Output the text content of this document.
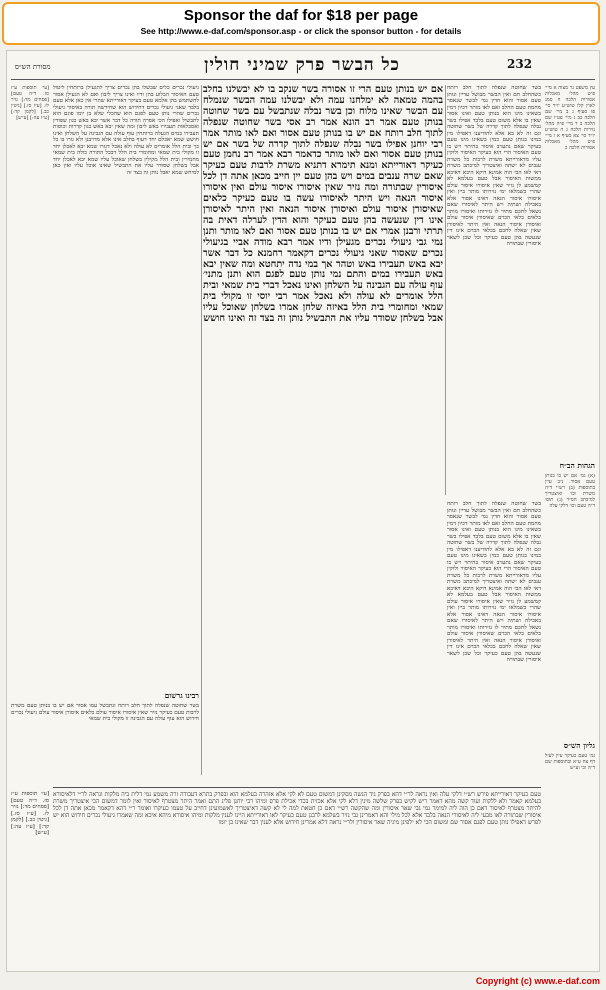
Sponsor the daf for $18 per page
See http://www.e-daf.com/sponsor.asp - or click the sponsor button - for details
מסורת הש״ס	כל הבשר פרק שמיני חולין	232

עין משפט נר מצוה א מיי׳ פ״ט מהל׳ מאכלות אסורות הלכה ח סמג לאוין קלז טוש״ע יו״ד סי׳ פז סעיף ג ב מיי׳ שם הלכה כב ג מיי׳ פט״ו שם הלכה ב ד מיי׳ פ״ה מהל׳ נזירות הלכה ג ה טוש״ע יו״ד סי׳ צא סעיף א ו מיי׳ פ״ט מהל׳ מאכלות אסורות הלכה כ

[עי׳ תוספות ע״ז סז. ד״ה טעם] [פסחים מד:] נזיר לז. [ע״ז סז.] [גיטין כב.] [לקמן קד:] [ע״ז עה:] [ע״ש]

בשר שחוטה שנפלה לתוך חלב רותח כשהחלב חם ואין הבשר מבושל עדיין ונותן טעם אסור והוא הדין נמי לבשר שנאסר מחמת טעם החלב ואם לאו מותר דכיון דמין בשאינו מינו הוא בנותן טעם ואינו אסור שאין בו אלא משום טעם בלבד אפילו בשר נבלה שנפלה לתוך קדרה של בשר שחוטה וגם זה לא בא אלא להודיענו דאפילו מין במינו בנותן טעם כמין בשאינו מינו טעם כעיקר שאם נתערב איסור בהיתר ויש בו טעם האיסור הרי הוא כעיקר האיסור ולוקין עליו מדאורייתא משרת לרבות כל משרת ענבים לא ישתה ואיצטריך למיכתב משרת דאי לאו הכי הוה אמינא דוקא היכא דאיכא ממשות האיסור אבל טעם בעלמא לא קמשמע לן נזיר שאין איסורו איסור עולם שהרי כשמלאו ימי נזירותו מותר ביין ואין איסורו איסור הנאה דאינו אסור אלא באכילה ושתיה ויש היתר לאיסורו שאם נשאל לחכם מתיר לו נזירותו ואיסורו מותר כלאים כלאי הכרם שאיסורן איסור עולם ואיסורן איסור הנאה ואין היתר לאיסורן שאין שאלה לחכם בכלאי הכרם אינו דין שנעשה בהן טעם כעיקר וכל שכן לשאר איסורין שבתורה

אם יש בנותן טעם הרי זו אסורה בשר שנקב בו לא יבשלנו בחלב בהמה טמאה לא ימלחנו עמה ולא יבשלנו עמה הבשר שנמלח עם הבשר שאינו מלוח וכן בשר נבלה שנתבשל עם בשר שחוטה בנותן טעם אמר רב הונא אמר רב אסי בשר שחוטה שנפלה לתוך חלב רותח אם יש בו בנותן טעם אסור ואם לאו מותר אמר רבי יוחנן אפילו בשר נבלה שנפלה לתוך קדרה של בשר אם יש בנותן טעם אסור ואם לאו מותר כדאמר רבא אמר רב נחמן טעם כעיקר דאורייתא ומנא תימרא דתניא משרת לרבות טעם כעיקר שאם שרה ענבים במים ויש בהן טעם יין חייב מכאן אתה דן לכל איסורין שבתורה ומה נזיר שאין איסורו איסור עולם ואין איסורו איסור הנאה ויש היתר לאיסורו עשה בו טעם כעיקר כלאים שאיסורן איסור עולם ואיסורן איסור הנאה ואין היתר לאיסורן אינו דין שנעשה בהן טעם כעיקר והוא הדין לערלה דאית בה תרתי ורבנן אמרי אם יש בו בנותן טעם אסור ואם לאו מותר ותנן נמי גבי גיעולי נכרים מגעילן ודיו אמר רבא מודה אביי בגיעולי נכרים שאסור שאני גיעולי נכרים דקאמר רחמנא כל דבר אשר יבא באש תעבירו באש וטהר אך במי נדה יתחטא ומה שאין יבא באש תעבירו במים והתם נמי נותן טעם לפגם הוא ותנן מתני׳ עוף עולה עם הגבינה על השלחן ואינו נאכל דברי בית שמאי ובית הלל אומרים לא עולה ולא נאכל אמר רבי יוסי זו מקולי בית שמאי ומחומרי בית הלל באיזה שלחן אמרו בשלחן שאוכל עליו אבל בשלחן שסודר עליו את התבשיל נותן זה בצד זה ואינו חושש

גיעולי נכרים כלים שבשלו בהן נכרים צריך להגעילן ברותחין ליטול טעם האיסור הבלוע בהן ודיו ואינו צריך ליבון ואם לא הגעילן אסור להשתמש בהן אלמא טעם כעיקר דאורייתא שהרי אין כאן אלא טעם בלבד שאני גיעולי נכרים דחידוש הוא שחידשה תורה באיסור גיעולי נכרים שהרי נותן טעם לפגם הוא שהכלי שלא בן יומו פוגם הוא לתבשיל ואפילו הכי אסרה תורה כל דבר אשר יבא באש כגון שפודין ואסכלאות תעבירו באש ליבון ומה שאין יבא באש כגון קדרות וכוסות תעבירו במים הגעלה ברותחין עוף עולה עם הגבינה על השלחן ואינו חושש שמא יאכלם יחד דעוף בחלב אינו אלא מדרבנן ולא גזרו בו כל כך ובית הלל אומרים לא עולה ולא נאכל דגזרו שמא יבא לאכלן יחד זו מקולי בית שמאי ומחומרי בית הלל דבכל התורה כולה בית שמאי מחמירין ובית הלל מקילין בשלחן שאוכל עליו שמא יבא לאכלן יחד אבל בשלחן שסודר עליו את התבשיל שאינו אוכל עליו ואין כאן למיחש שמא יאכל נותן זה בצד זה

הגהות הב״ח

(א) גמ׳ אם יש בו בנותן טעם אסור. נ״ב עיין בתוספות (ב) רש״י ד״ה משרת וכו׳ ואיצטריך למיכתב הס״ד (ג) תוס׳ ד״ה טעם וכו׳ דלקי עלה

בשר שחוטה שנפלה לתוך חלב רותח כשהחלב חם ואין הבשר מבושל עדיין ונותן טעם אסור והוא הדין נמי לבשר שנאסר מחמת טעם החלב ואם לאו מותר דכיון דמין בשאינו מינו הוא בנותן טעם ואינו אסור שאין בו אלא משום טעם בלבד אפילו בשר נבלה שנפלה לתוך קדרה של בשר שחוטה וגם זה לא בא אלא להודיענו דאפילו מין במינו בנותן טעם כמין בשאינו מינו טעם כעיקר שאם נתערב איסור בהיתר ויש בו טעם האיסור הרי הוא כעיקר האיסור ולוקין עליו מדאורייתא משרת לרבות כל משרת ענבים לא ישתה ואיצטריך למיכתב משרת דאי לאו הכי הוה אמינא דוקא היכא דאיכא ממשות האיסור אבל טעם בעלמא לא קמשמע לן נזיר שאין איסורו איסור עולם שהרי כשמלאו ימי נזירותו מותר ביין ואין איסורו איסור הנאה דאינו אסור אלא באכילה ושתיה ויש היתר לאיסורו שאם נשאל לחכם מתיר לו נזירותו ואיסורו מותר כלאים כלאי הכרם שאיסורן איסור עולם ואיסורן איסור הנאה ואין היתר לאיסורן שאין שאלה לחכם בכלאי הכרם אינו דין שנעשה בהן טעם כעיקר וכל שכן לשאר איסורין שבתורה

רבינו גרשום

בשר שחוטה שנפלה לתוך חלב רותח ונתבשל עמו אסור אם יש בו בנותן טעם משרת לרבות טעם כעיקר נזיר שאין איסורו איסור עולם כלאים איסורן איסור עולם גיעולי נכרים חידוש הוא עוף עולה עם הגבינה זו מקולי בית שמאי

גליון הש״ס

גמ׳ טעם כעיקר עיין לעיל דף צח ע״א ובתוספות שם ד״ה וכי וע״ש

טעם כעיקר דאורייתא פירש רש״י דלקי עלה ואין נראה לר״י דהא בפרק גיד הנשה מסקינן דמשום טעם לא לקי אלא אזהרה בעלמא הוא ובפרק בתרא דעבודה זרה משמע נמי דלית ביה מלקות ונראה לר״י דלאיסורא בעלמא קאמר ולא ללקות ועוד קשה מהא דאמר ריש לקיש בפרק שלשה מינין דלא לקי אלא אכזית בכדי אכילת פרס ומיהו רבי יוחנן פליג התם ואמר היתר מצטרף לאיסור ואין לומר דמשום הכי איצטריך משרת להיתר מצטרף לאיסור דאם כן הוה ליה למימר נמי גבי שאר איסורין ומה שהקשה רש״י דאם כן חטאת למה לי לא קשה דאיצטריך לאשמועינן דחייב על טעמו כעיקרו ואומר ר״י דהא דקאמר מכאן אתה דן לכל איסורין שבתורה לאו מבעי ליה לאיסורי הנאה בלבד אלא לכל מילי והא דאמרינן גבי נזיר בשלמא לרבנן טעם כעיקר לאו דאורייתא היינו לענין מלקות ומיהו איסורא מיהא איכא ומה שאמרו גיעולי נכרים חידוש הוא יש לפרש דאפילו נותן טעם לפגם אסור שם ומשום הכי לא ילפינן מיניה שאר איסורין ולר״י נראה דלא אמרינן חידוש אלא לענין דבר שאינו בן יומו

[עי׳ תוספות ע״ז סז. ד״ה טעם] [פסחים מד:] נזיר לז. [ע״ז סז.] [גיטין כב.] [לקמן קד:] [ע״ז עה:] [ע״ש]

Copyright (c) www.e-daf.com
